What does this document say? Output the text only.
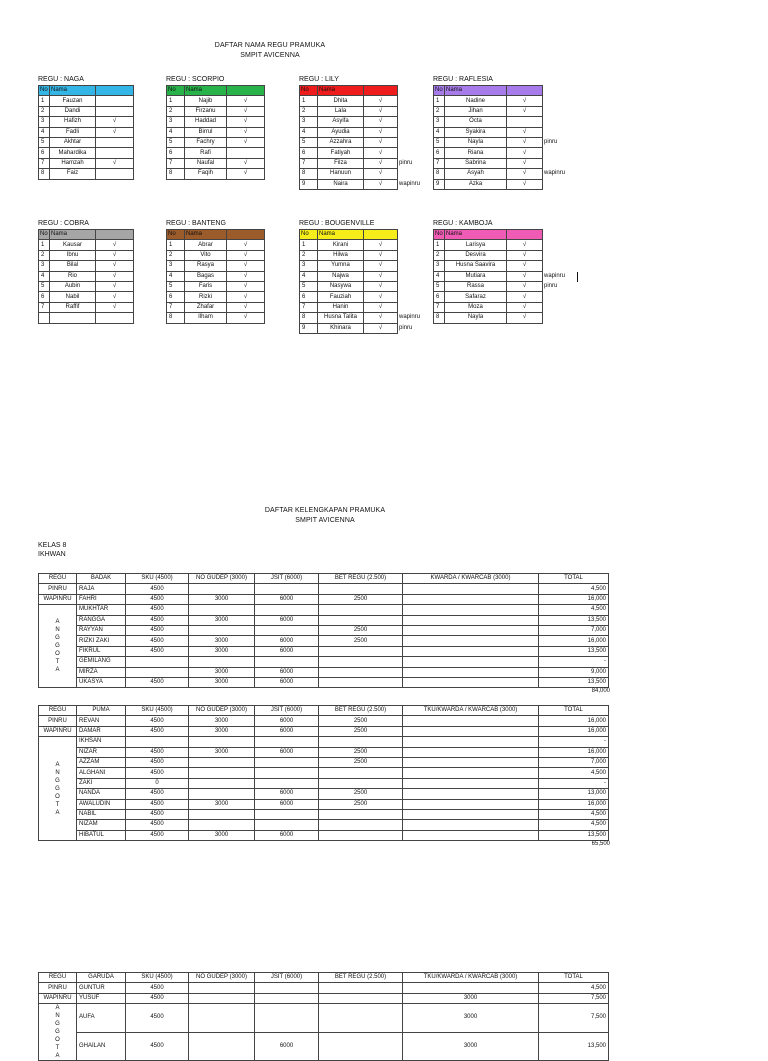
DAFTAR NAMA REGU PRAMUKA
SMPIT AVICENNA
REGU : NAGA
No	Nama	
1	Fauzan	

2	Dandi	

3	Hafizh	√

4	Fadli	√

5	Akhtar	

6	Mahardika	

7	Hamzah	√

8	Faiz	
REGU : SCORPIO
No	Nama	
1	Najib	√

2	Firzanu	√

3	Haddad	√

4	Birrul	√

5	Fachry	√

6	Rafi	

7	Naufal	√

8	Faqih	√
REGU : LILY
No	Nama	
1	Dhita	√

2	Lala	√

3	Asyifa	√

4	Ayudia	√

5	Azzahra	√

6	Fatiyah	√

7	Filza	√ pinru

8	Hanuun	√

9	Naira	√ wapinru
REGU : RAFLESIA
No	Nama	
1	Nadine	√

2	Jihan	√

3	Octa	

4	Syakira	√

5	Nayla	√ pinru

6	Riana	√

7	Sabrina	√

8	Asyah	√ wapinru

9	Azka	√
REGU : COBRA
No	Nama	
1	Kausar	√

2	Ibnu	√

3	Bilal	√

4	Rio	√

5	Aubin	√

6	Nabil	√

7	Raffif	√

REGU : BANTENG
No	Nama	
1	Abrar	√

2	Vito	√

3	Rasya	√

4	Bagas	√

5	Faris	√

6	Rizki	√

7	Zhafar	√

8	Ilham	√
REGU : BOUGENVILLE
No	Nama	
1	Kirani	√

2	Hilwa	√

3	Yumna	√

4	Najwa	√

5	Nasywa	√

6	Fauziah	√

7	Hanin	√

8	Husna Talita	√ wapinru

9	Khinara	√ pinru
REGU : KAMBOJA
No	Nama	
1	Larisya	√

2	Desvira	√

3	Husna Saavira	√

4	Mutiara	√ wapinru

5	Rassa	√ pinru

6	Safaraz	√

7	Moza	√

8	Nayla	√
DAFTAR KELENGKAPAN PRAMUKA
SMPIT AVICENNA
KELAS 8
IKHWAN
REGU	BADAK	SKU (4500)	NO GUDEP (3000)	JSIT (6000)	BET REGU (2.500)	KWARDA / KWARCAB (3000)	TOTAL
PINRU	RAJA	4500					4,500
WAPINRU	FAHRI	4500	3000	6000	2500		16,000

A N G G O T A	MUKHTAR	4500					4,500
	RANGGA	4500	3000	6000			13,500
	RAYYAN	4500			2500		7,000
	RIZKI ZAKI	4500	3000	6000	2500		16,000
	FIKRUL	4500	3000	6000			13,500
	GEMILANG						-
	MIRZA		3000	6000			9,000
	UKASYA	4500	3000	6000			13,500
84,000
REGU	PUMA	SKU (4500)	NO GUDEP (3000)	JSIT (6000)	BET REGU (2.500)	TKU/KWARDA / KWARCAB (3000)	TOTAL
PINRU	REVAN	4500	3000	6000	2500		16,000
WAPINRU	DAMAR	4500	3000	6000	2500		16,000

A N G G O T A	IKHSAN						-
	NIZAR	4500	3000	6000	2500		16,000
	AZZAM	4500			2500		7,000
	ALGHANI	4500					4,500
	ZAKI	0					-
	NANDA	4500		6000	2500		13,000
	AWALUDIN	4500	3000	6000	2500		16,000
	NABIL	4500					4,500
	NIZAM	4500					4,500
	HIBATUL	4500	3000	6000			13,500
65,500
REGU	GARUDA	SKU (4500)	NO GUDEP (3000)	JSIT (6000)	BET REGU (2.500)	TKU/KWARDA / KWARCAB (3000)	TOTAL
PINRU	GUNTUR	4500					4,500
WAPINRU	YUSUF	4500				3000	7,500

A N G G O T A	AUFA	4500				3000	7,500
	GHAILAN	4500		6000		3000	13,500
